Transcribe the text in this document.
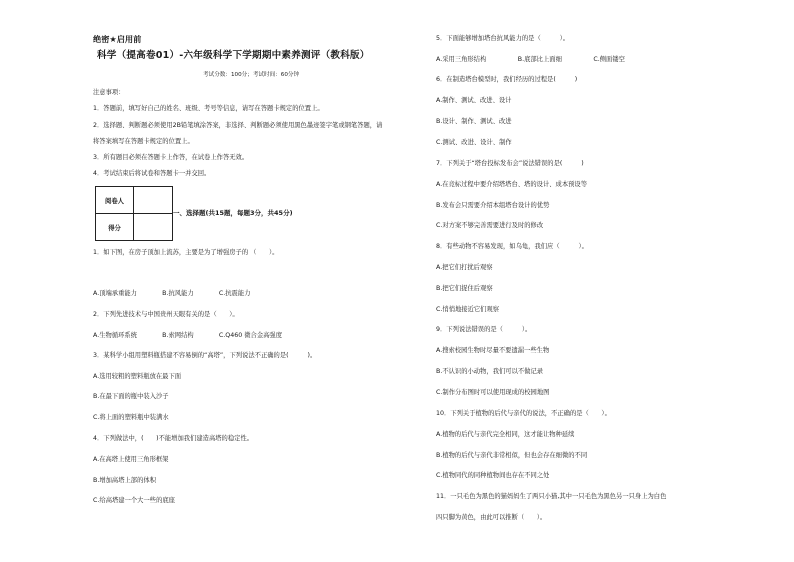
绝密★启用前
科学（提高卷01）-六年级科学下学期期中素养测评（教科版）
考试分数：100分；考试时间：60分钟
注意事项：
1．答题前，填写好自己的姓名、班级、考号等信息，请写在答题卡规定的位置上。
2．选择题、判断题必须使用2B铅笔填涂答案，非选择、判断题必须使用黑色墨迹签字笔或钢笔答题，请
将答案填写在答题卡规定的位置上。
3．所有题目必须在答题卡上作答，在试卷上作答无效。
4．考试结束后将试卷和答题卡一并交回。
阅卷人
得分
一、选择题(共15题，每题3分，共45分)
1．如下图，在房子顶加上流苏，主要是为了增强房子的 （　　）。
A.顶端承重能力　　　　B.抗风能力　　　　C.抗震能力
2．下列先进技术与中国贵州天眼有关的是（　　）。
A.生物循环系统　　　　B.索网结构　　　　C.Q460 微合金高强度
3．某科学小组用塑料瓶搭建不容易倒的“高塔”，下列说法不正确的是(　　　)。
A.选用较粗的塑料瓶放在最下面
B.在最下面的瓶中装入沙子
C.将上面的塑料瓶中装满水
4．下列做法中，(　　)不能增加我们建造高塔的稳定性。
A.在高塔上使用三角形框架
B.增加高塔上部的体积
C.给高塔建一个大一些的底座
5．下面能够增加塔台抗风能力的是（　　　）。
A.采用三角形结构　　　　　B.底部比上面细　　　　　C.侧面镂空
6．在制造塔台模型时，我们经历的过程是(　　　)
A.制作、测试、改进、设计
B.设计、制作、测试、改进
C.测试、改进、设计、制作
7．下列关于“塔台投标发布会”说法错误的是(　　　)
A.在竞标过程中要介绍塔塔台、塔的设计、成本预设等
B.发布会只需要介绍本组塔台设计的优势
C.对方案不够完善需要进行及时的修改
8．有些动物不容易发现，如乌龟，我们应（　　　）。
A.把它们打扰后观察
B.把它们捉住后观察
C.悄悄地接近它们观察
9．下列说法错误的是（　　　）。
A.搜索校园生物时尽量不要遗漏一些生物
B.不认识的小动物，我们可以不做记录
C.制作分布图时可以使用现成的校园地图
10．下列关于植物的后代与亲代的说法，不正确的是（　　）。
A.植物的后代与亲代完全相同，这才能让物种延续
B.植物的后代与亲代非常相似，但也会存在细微的不同
C.植物同代的同种植物间也存在不同之处
11．一只毛色为黑色的猫妈妈生了两只小猫,其中一只毛色为黑色另一只身上为白色
四只脚为黄色，由此可以推断（　　）。
